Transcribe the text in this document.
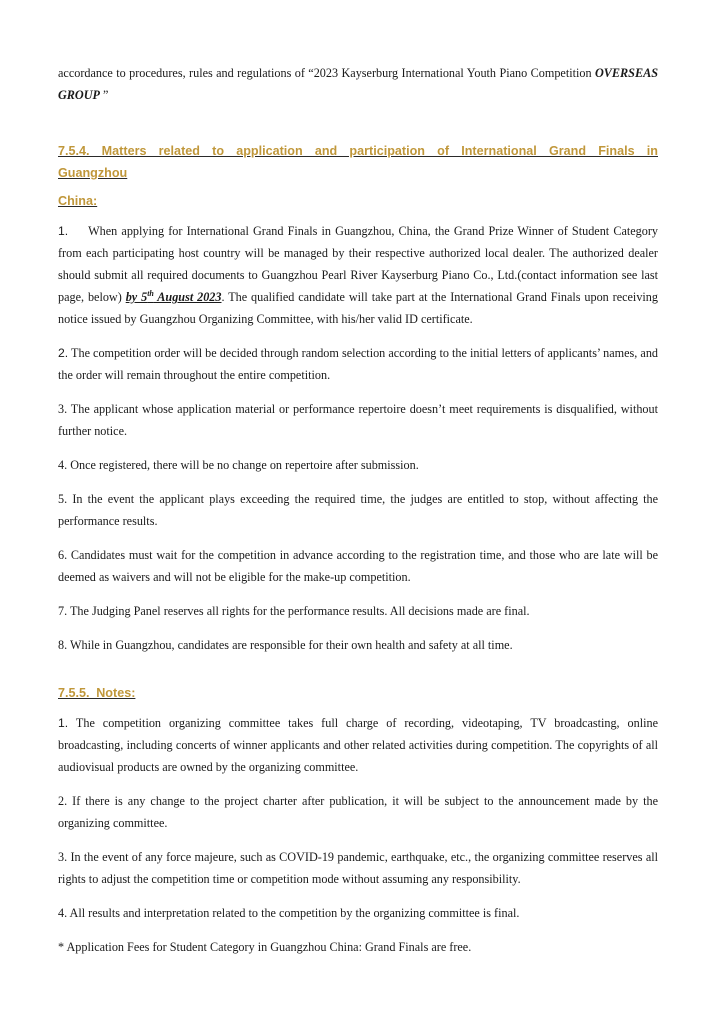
accordance to procedures, rules and regulations of “2023 Kayserburg International Youth Piano Competition OVERSEAS GROUP ”

7.5.4. Matters related to application and participation of International Grand Finals in Guangzhou

China:

1. When applying for International Grand Finals in Guangzhou, China, the Grand Prize Winner of Student Category from each participating host country will be managed by their respective authorized local dealer. The authorized dealer should submit all required documents to Guangzhou Pearl River Kayserburg Piano Co., Ltd.(contact information see last page, below) by 5th August 2023. The qualified candidate will take part at the International Grand Finals upon receiving notice issued by Guangzhou Organizing Committee, with his/her valid ID certificate.

2. The competition order will be decided through random selection according to the initial letters of applicants’ names, and the order will remain throughout the entire competition.

3. The applicant whose application material or performance repertoire doesn’t meet requirements is disqualified, without further notice.

4. Once registered, there will be no change on repertoire after submission.

5. In the event the applicant plays exceeding the required time, the judges are entitled to stop, without affecting the performance results.

6. Candidates must wait for the competition in advance according to the registration time, and those who are late will be deemed as waivers and will not be eligible for the make-up competition.

7. The Judging Panel reserves all rights for the performance results. All decisions made are final.

8. While in Guangzhou, candidates are responsible for their own health and safety at all time.

7.5.5. Notes:

1. The competition organizing committee takes full charge of recording, videotaping, TV broadcasting, online broadcasting, including concerts of winner applicants and other related activities during competition. The copyrights of all audiovisual products are owned by the organizing committee.

2. If there is any change to the project charter after publication, it will be subject to the announcement made by the organizing committee.

3. In the event of any force majeure, such as COVID-19 pandemic, earthquake, etc., the organizing committee reserves all rights to adjust the competition time or competition mode without assuming any responsibility.

4. All results and interpretation related to the competition by the organizing committee is final.

* Application Fees for Student Category in Guangzhou China: Grand Finals are free.
